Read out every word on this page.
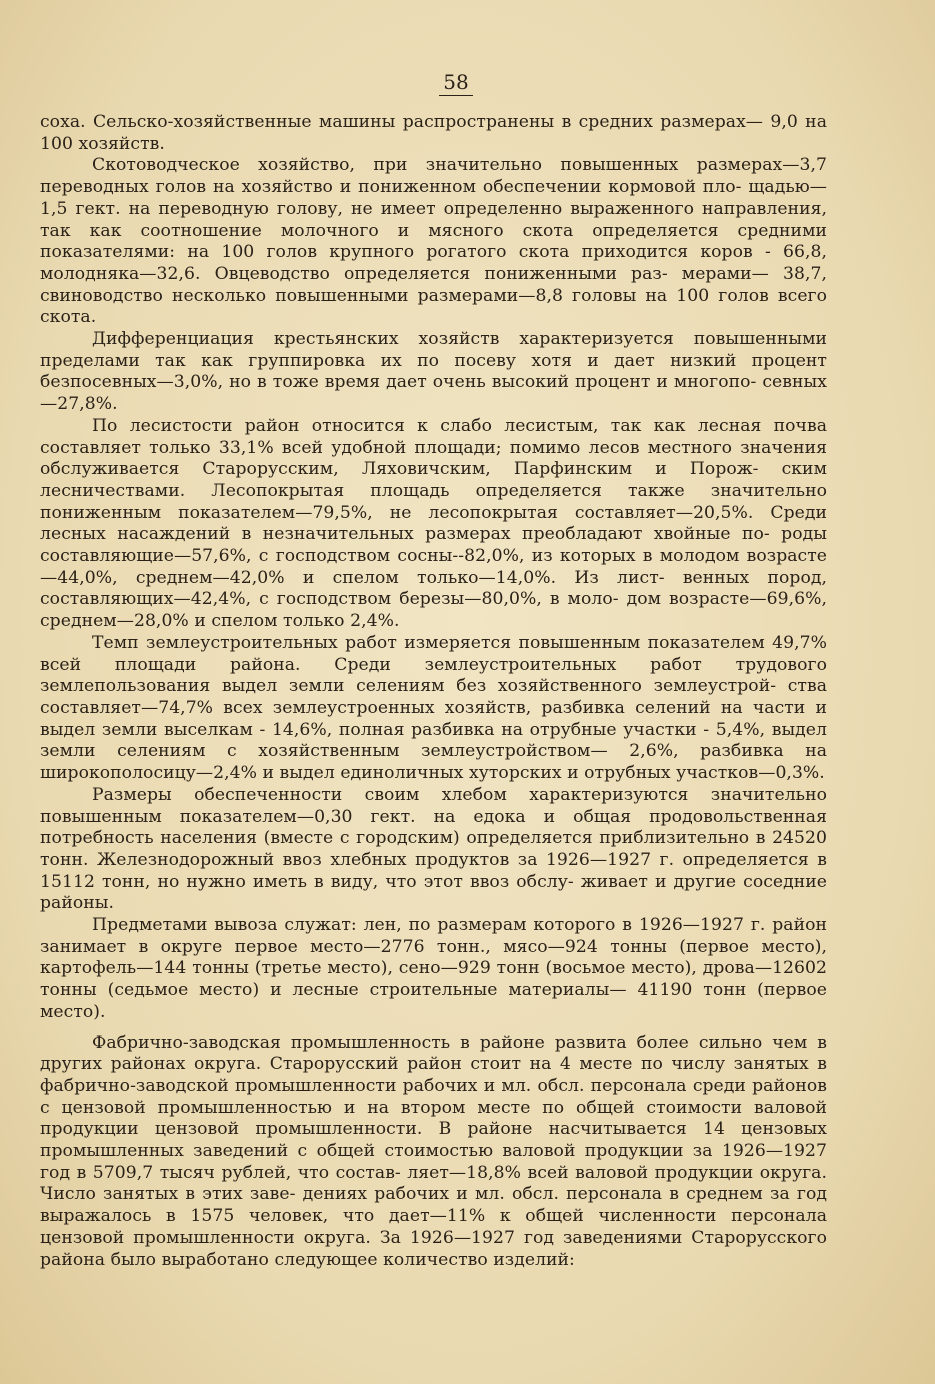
58

соха. Сельско-хозяйственные машины распространены в средних размерах— 9,0 на 100 хозяйств.

Скотоводческое хозяйство, при значительно повышенных размерах—3,7 переводных голов на хозяйство и пониженном обеспечении кормовой пло- щадью—1,5 гект. на переводную голову, не имеет определенно выраженного направления, так как соотношение молочного и мясного скота определяется средними показателями: на 100 голов крупного рогатого скота приходится коров - 66,8, молодняка—32,6. Овцеводство определяется пониженными раз- мерами— 38,7, свиноводство несколько повышенными размерами—8,8 головы на 100 голов всего скота.

Дифференциация крестьянских хозяйств характеризуется повышенными пределами так как группировка их по посеву хотя и дает низкий процент безпосевных—3,0%, но в тоже время дает очень высокий процент и многопо- севных—27,8%.

По лесистости район относится к слабо лесистым, так как лесная почва составляет только 33,1% всей удобной площади; помимо лесов местного значения обслуживается Старорусским, Ляховичским, Парфинским и Порож- ским лесничествами. Лесопокрытая площадь определяется также значительно пониженным показателем—79,5%, не лесопокрытая составляет—20,5%. Среди лесных насаждений в незначительных размерах преобладают хвойные по- роды составляющие—57,6%, с господством сосны--82,0%, из которых в молодом возрасте—44,0%, среднем—42,0% и спелом только—14,0%. Из лист- венных пород, составляющих—42,4%, с господством березы—80,0%, в моло- дом возрасте—69,6%, среднем—28,0% и спелом только 2,4%.

Темп землеустроительных работ измеряется повышенным показателем 49,7% всей площади района. Среди землеустроительных работ трудового землепользования выдел земли селениям без хозяйственного землеустрой- ства составляет—74,7% всех землеустроенных хозяйств, разбивка селений на части и выдел земли выселкам - 14,6%, полная разбивка на отрубные участки - 5,4%, выдел земли селениям с хозяйственным землеустройством— 2,6%, разбивка на широкополосицу—2,4% и выдел единоличных хуторских и отрубных участков—0,3%.

Размеры обеспеченности своим хлебом характеризуются значительно повышенным показателем—0,30 гект. на едока и общая продовольственная потребность населения (вместе с городским) определяется приблизительно в 24520 тонн. Железнодорожный ввоз хлебных продуктов за 1926—1927 г. определяется в 15112 тонн, но нужно иметь в виду, что этот ввоз обслу- живает и другие соседние районы.

Предметами вывоза служат: лен, по размерам которого в 1926—1927 г. район занимает в округе первое место—2776 тонн., мясо—924 тонны (первое место), картофель—144 тонны (третье место), сено—929 тонн (восьмое место), дрова—12602 тонны (седьмое место) и лесные строительные материалы— 41190 тонн (первое место).

Фабрично-заводская промышленность в районе развита более сильно чем в других районах округа. Старорусский район стоит на 4 месте по числу занятых в фабрично-заводской промышленности рабочих и мл. обсл. персонала среди районов с цензовой промышленностью и на втором месте по общей стоимости валовой продукции цензовой промышленности. В районе насчитывается 14 цензовых промышленных заведений с общей стоимостью валовой продукции за 1926—1927 год в 5709,7 тысяч рублей, что состав- ляет—18,8% всей валовой продукции округа. Число занятых в этих заве- дениях рабочих и мл. обсл. персонала в среднем за год выражалось в 1575 человек, что дает—11% к общей численности персонала цензовой промышленности округа. За 1926—1927 год заведениями Старорусского района было выработано следующее количество изделий:
